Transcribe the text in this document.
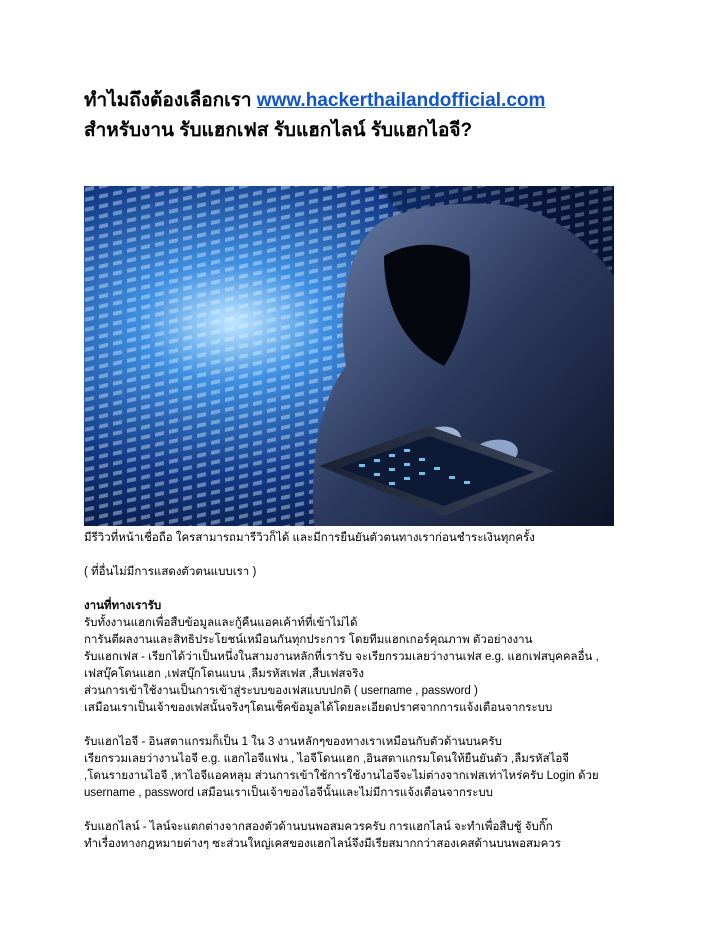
ทำไมถึงต้องเลือกเรา www.hackerthailandofficial.com
สำหรับงาน รับแฮกเฟส รับแฮกไลน์ รับแฮกไอจี?

มีรีวิวที่หน้าเชื่อถือ ใครสามารถมารีวิวก็ได้ และมีการยืนยันตัวตนทางเราก่อนชำระเงินทุกครั้ง

( ที่อื่นไม่มีการแสดงตัวตนแบบเรา )

งานที่ทางเรารับ

รับทั้งงานแฮกเพื่อสืบข้อมูลและกู้คืนแอคเค้าท์ที่เข้าไม่ได้

การันตีผลงานและสิทธิประโยชน์เหมือนกันทุกประการ โดยทีมแฮกเกอร์คุณภาพ ตัวอย่างงาน

รับแฮกเฟส - เรียกได้ว่าเป็นหนึ่งในสามงานหลักที่เรารับ จะเรียกรวมเลยว่างานเฟส e.g. แฮกเฟสบุคคลอื่น ,

เฟสบุ๊คโดนแฮก ,เฟสบุ๊กโดนแบน ,ลืมรหัสเฟส ,สืบเฟสจริง

ส่วนการเข้าใช้งานเป็นการเข้าสู่ระบบของเฟสแบบปกติ ( username , password )

เสมือนเราเป็นเจ้าของเฟสนั้นจริงๆโดนเช็คข้อมูลได้โดยละเอียดปราศจากการแจ้งเตือนจากระบบ

รับแฮกไอจี - อินสตาแกรมก็เป็น 1 ใน 3 งานหลักๆของทางเราเหมือนกับตัวด้านบนครับ

เรียกรวมเลยว่างานไอจี e.g. แฮกไอจีแฟน , ไอจีโดนแฮก ,อินสตาแกรมโดนให้ยืนยันตัว ,ลืมรหัสไอจี

,โดนรายงานไอจี ,หาไอจีแอคหลุม ส่วนการเข้าใช้การใช้งานไอจีจะไม่ต่างจากเฟสเท่าไหร่ครับ Login ด้วย

username , password เสมือนเราเป็นเจ้าของไอจีนั้นและไม่มีการแจ้งเตือนจากระบบ

รับแฮกไลน์ - ไลน์จะแตกต่างจากสองตัวด้านบนพอสมควรครับ การแฮกไลน์ จะทำเพื่อสืบชู้ จับกิ๊ก

ทำเรื่องทางกฎหมายต่างๆ ซะส่วนใหญ่เคสของแฮกไลน์จึงมีเรียสมากกว่าสองเคสด้านบนพอสมควร
